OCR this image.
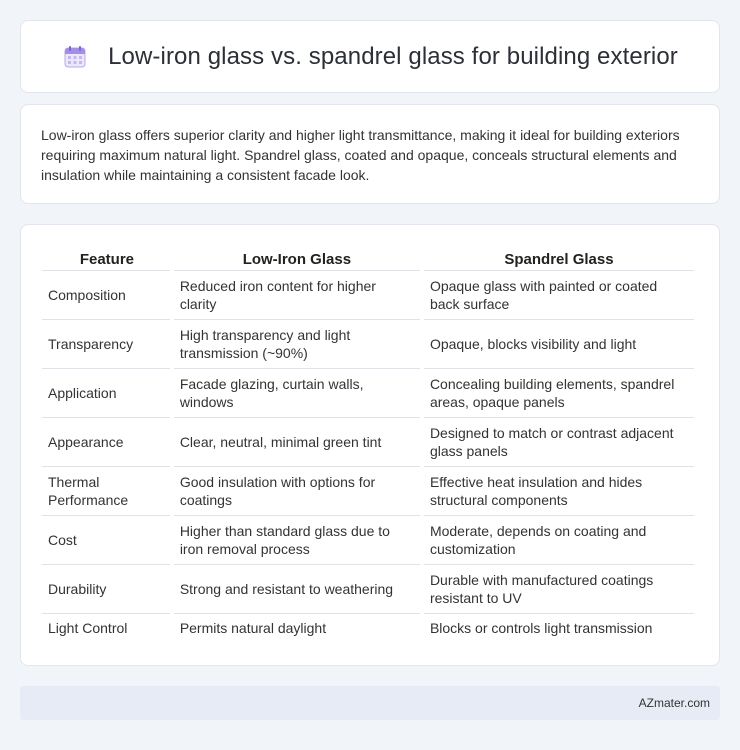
Low-iron glass vs. spandrel glass for building exterior

Low-iron glass offers superior clarity and higher light transmittance, making it ideal for building exteriors requiring maximum natural light. Spandrel glass, coated and opaque, conceals structural elements and insulation while maintaining a consistent facade look.

Feature	Low-Iron Glass	Spandrel Glass
Composition	Reduced iron content for higher clarity	Opaque glass with painted or coated back surface
Transparency	High transparency and light transmission (~90%)	Opaque, blocks visibility and light
Application	Facade glazing, curtain walls, windows	Concealing building elements, spandrel areas, opaque panels
Appearance	Clear, neutral, minimal green tint	Designed to match or contrast adjacent glass panels
Thermal Performance	Good insulation with options for coatings	Effective heat insulation and hides structural components
Cost	Higher than standard glass due to iron removal process	Moderate, depends on coating and customization
Durability	Strong and resistant to weathering	Durable with manufactured coatings resistant to UV
Light Control	Permits natural daylight	Blocks or controls light transmission
AZmater.com
